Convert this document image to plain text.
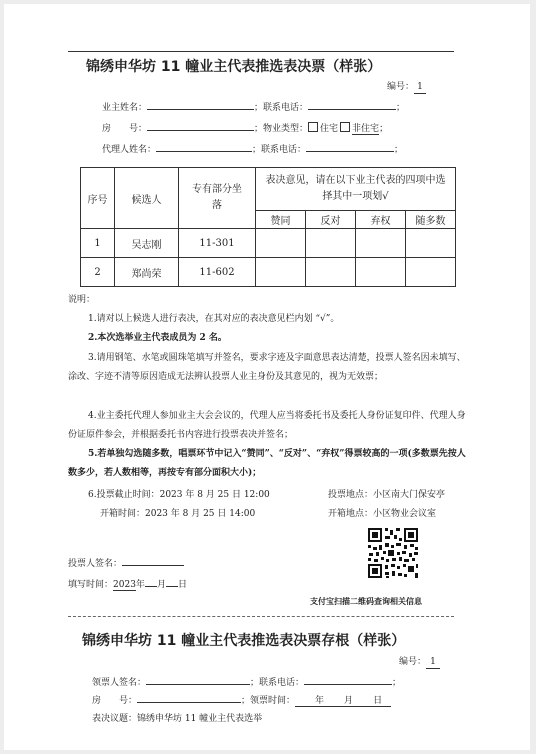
锦绣申华坊 11 幢业主代表推选表决票（样张）
编号： 1
业主姓名：	；联系电话：	；
房　　号：	；物业类型： 住宅 非住宅；
代理人姓名：	；联系电话：	；
序号	候选人	专有部分坐落	表决意见，请在以下业主代表的四项中选择其中一项划√			
			赞同	反对	弃权	随多数
1	吴志刚	11-301				
2	郑尚荣	11-602				
说明：
1.请对以上候选人进行表决，在其对应的表决意见栏内划 “√”。
2.本次选举业主代表成员为 2 名。
3.请用钢笔、水笔或圆珠笔填写并签名，要求字迹及字面意思表达清楚，投票人签名因未填写、涂改、字迹不清等原因造成无法辨认投票人业主身份及其意见的，视为无效票；
4.业主委托代理人参加业主大会会议的，代理人应当将委托书及委托人身份证复印件、代理人身份证原件参会，并根据委托书内容进行投票表决并签名；
5.若单独勾选随多数，唱票环节中记入“赞同”、“反对”、“弃权”得票较高的一项(多数票先按人数多少，若人数相等，再按专有部分面积大小)；
6.投票截止时间：2023 年 8 月 25 日 12:00	投票地点：小区南大门保安亭
开箱时间：2023 年 8 月 25 日 14:00	开箱地点：小区物业会议室
投票人签名：
填写时间：2023年 月 日
支付宝扫描二维码查询相关信息
锦绣申华坊 11 幢业主代表推选表决票存根（样张）
编号： 1
领票人签名：	；联系电话：	；
房　　号：	；领票时间： 年 月 日
表决议题：锦绣申华坊 11 幢业主代表选举
